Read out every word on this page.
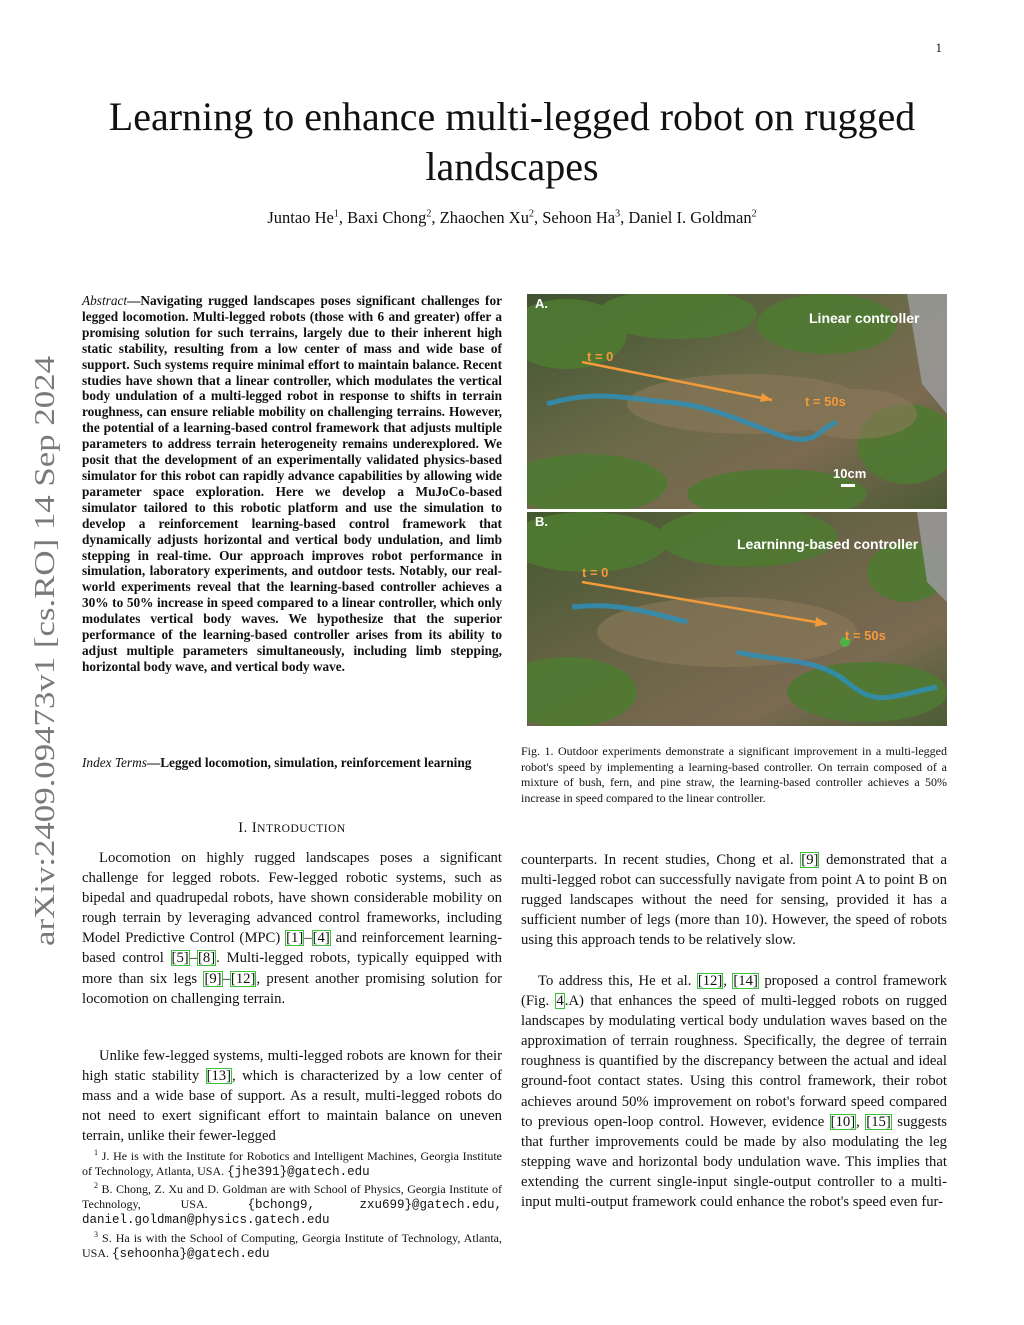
1
arXiv:2409.09473v1 [cs.RO] 14 Sep 2024
Learning to enhance multi-legged robot on rugged landscapes
Juntao He$^1$, Baxi Chong$^2$, Zhaochen Xu$^2$, Sehoon Ha$^3$, Daniel I. Goldman$^2$
Abstract—Navigating rugged landscapes poses significant challenges for legged locomotion. Multi-legged robots (those with 6 and greater) offer a promising solution for such terrains, largely due to their inherent high static stability, resulting from a low center of mass and wide base of support. Such systems require minimal effort to maintain balance. Recent studies have shown that a linear controller, which modulates the vertical body undulation of a multi-legged robot in response to shifts in terrain roughness, can ensure reliable mobility on challenging terrains. However, the potential of a learning-based control framework that adjusts multiple parameters to address terrain heterogeneity remains underexplored. We posit that the development of an experimentally validated physics-based simulator for this robot can rapidly advance capabilities by allowing wide parameter space exploration. Here we develop a MuJoCo-based simulator tailored to this robotic platform and use the simulation to develop a reinforcement learning-based control framework that dynamically adjusts horizontal and vertical body undulation, and limb stepping in real-time. Our approach improves robot performance in simulation, laboratory experiments, and outdoor tests. Notably, our real-world experiments reveal that the learning-based controller achieves a 30% to 50% increase in speed compared to a linear controller, which only modulates vertical body waves. We hypothesize that the superior performance of the learning-based controller arises from its ability to adjust multiple parameters simultaneously, including limb stepping, horizontal body wave, and vertical body wave.
Index Terms—Legged locomotion, simulation, reinforcement learning
I. INTRODUCTION

Locomotion on highly rugged landscapes poses a significant challenge for legged robots. Few-legged robotic systems, such as bipedal and quadrupedal robots, have shown considerable mobility on rough terrain by leveraging advanced control frameworks, including Model Predictive Control (MPC) [1]–[4] and reinforcement learning-based control [5]–[8]. Multi-legged robots, typically equipped with more than six legs [9]–[12], present another promising solution for locomotion on challenging terrain.

Unlike few-legged systems, multi-legged robots are known for their high static stability [13], which is characterized by a low center of mass and a wide base of support. As a result, multi-legged robots do not need to exert significant effort to maintain balance on uneven terrain, unlike their fewer-legged

$^1$ J. He is with the Institute for Robotics and Intelligent Machines, Georgia Institute of Technology, Atlanta, USA. {jhe391}@gatech.edu

$^2$ B. Chong, Z. Xu and D. Goldman are with School of Physics, Georgia Institute of Technology, USA. {bchong9, zxu699}@gatech.edu, daniel.goldman@physics.gatech.edu

$^3$ S. Ha is with the School of Computing, Georgia Institute of Technology, Atlanta, USA. {sehoonha}@gatech.edu

A.
Linear controller
t = 0
t = 50s
10cm
B.
Learninng-based controller
t = 0
t = 50s
Fig. 1. Outdoor experiments demonstrate a significant improvement in a multi-legged robot's speed by implementing a learning-based controller. On terrain composed of a mixture of bush, fern, and pine straw, the learning-based controller achieves a 50% increase in speed compared to the linear controller.

counterparts. In recent studies, Chong et al. [9] demonstrated that a multi-legged robot can successfully navigate from point A to point B on rugged landscapes without the need for sensing, provided it has a sufficient number of legs (more than 10). However, the speed of robots using this approach tends to be relatively slow.

To address this, He et al. [12], [14] proposed a control framework (Fig. 4.A) that enhances the speed of multi-legged robots on rugged landscapes by modulating vertical body undulation waves based on the approximation of terrain roughness. Specifically, the degree of terrain roughness is quantified by the discrepancy between the actual and ideal ground-foot contact states. Using this control framework, their robot achieves around 50% improvement on robot's forward speed compared to previous open-loop control. However, evidence [10], [15] suggests that further improvements could be made by also modulating the leg stepping wave and horizontal body undulation wave. This implies that extending the current single-input single-output controller to a multi-input multi-output framework could enhance the robot's speed even fur-
